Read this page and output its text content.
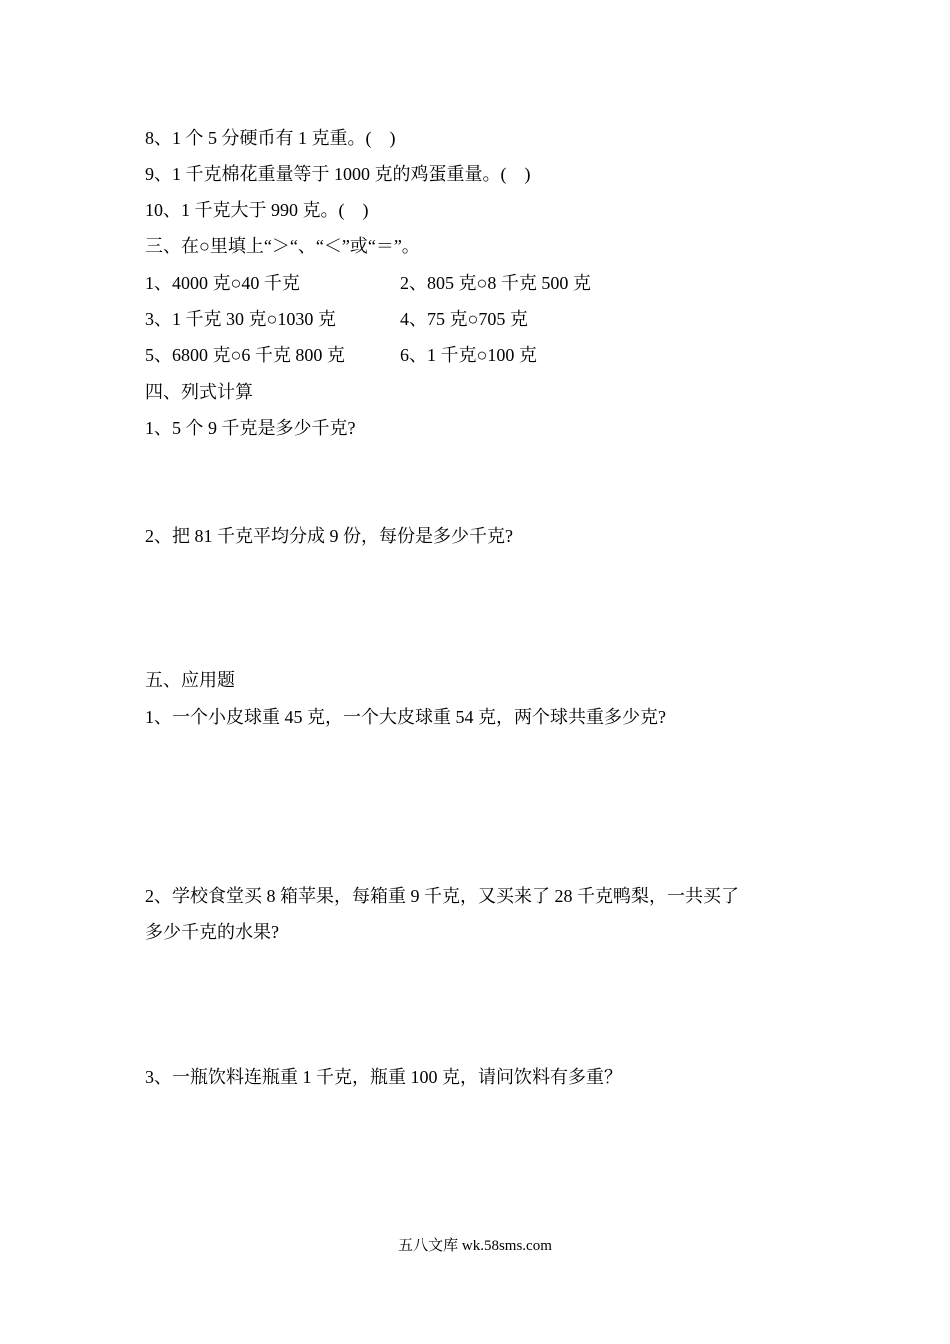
8、1 个 5 分硬币有 1 克重。(    )
9、1 千克棉花重量等于 1000 克的鸡蛋重量。(    )
10、1 千克大于 990 克。(    )
三、在○里填上“＞“、“＜”或“＝”。
1、4000 克○40 千克	2、805 克○8 千克 500 克
3、1 千克 30 克○1030 克	4、75 克○705 克
5、6800 克○6 千克 800 克	6、1 千克○100 克
四、列式计算
1、5 个 9 千克是多少千克?
2、把 81 千克平均分成 9 份，每份是多少千克?
五、应用题
1、一个小皮球重 45 克，一个大皮球重 54 克，两个球共重多少克?
2、学校食堂买 8 箱苹果，每箱重 9 千克，又买来了 28 千克鸭梨，一共买了
多少千克的水果?
3、一瓶饮料连瓶重 1 千克，瓶重 100 克，请问饮料有多重？
五八文库 wk.58sms.com
